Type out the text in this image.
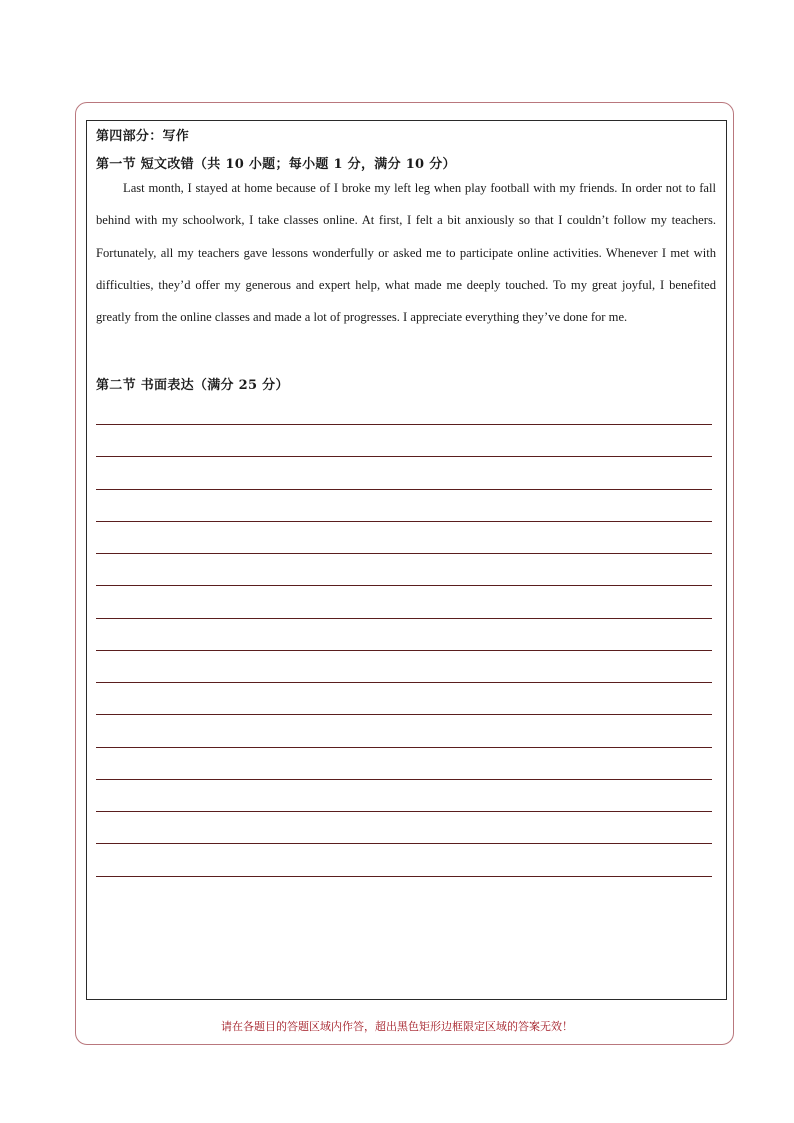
第四部分：写作
第一节 短文改错（共 10 小题；每小题 1 分，满分 10 分）

Last month, I stayed at home because of I broke my left leg when play football with my friends. In order not to fall behind with my schoolwork, I take classes online. At first, I felt a bit anxiously so that I couldn’t follow my teachers. Fortunately, all my teachers gave lessons wonderfully or asked me to participate online activities. Whenever I met with difficulties, they’d offer my generous and expert help, what made me deeply touched. To my great joyful, I benefited greatly from the online classes and made a lot of progresses. I appreciate everything they’ve done for me.

第二节 书面表达（满分 25 分）
请在各题目的答题区域内作答，超出黑色矩形边框限定区域的答案无效！
